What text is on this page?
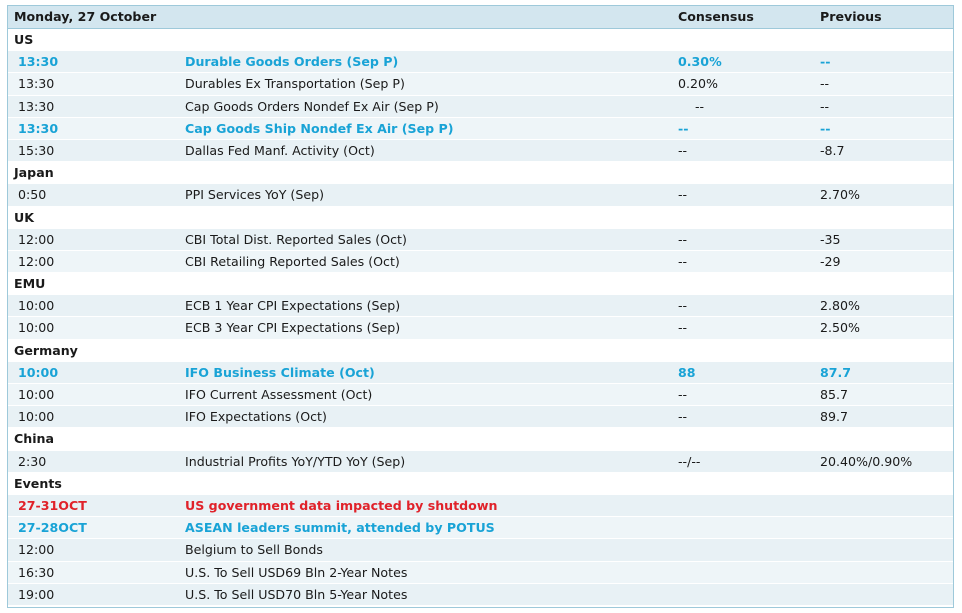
Monday, 27 October	Consensus	Previous
US
13:30	Durable Goods Orders (Sep P)	0.30%	--
13:30	Durables Ex Transportation (Sep P)	0.20%	--
13:30	Cap Goods Orders Nondef Ex Air (Sep P)	--	--
13:30	Cap Goods Ship Nondef Ex Air (Sep P)	--	--
15:30	Dallas Fed Manf. Activity (Oct)	--	-8.7
Japan
0:50	PPI Services YoY (Sep)	--	2.70%
UK
12:00	CBI Total Dist. Reported Sales (Oct)	--	-35
12:00	CBI Retailing Reported Sales (Oct)	--	-29
EMU
10:00	ECB 1 Year CPI Expectations (Sep)	--	2.80%
10:00	ECB 3 Year CPI Expectations (Sep)	--	2.50%
Germany
10:00	IFO Business Climate (Oct)	88	87.7
10:00	IFO Current Assessment (Oct)	--	85.7
10:00	IFO Expectations (Oct)	--	89.7
China
2:30	Industrial Profits YoY/YTD YoY (Sep)	--/--	20.40%/0.90%
Events
27-31OCT	US government data impacted by shutdown
27-28OCT	ASEAN leaders summit, attended by POTUS
12:00	Belgium to Sell Bonds
16:30	U.S. To Sell USD69 Bln 2-Year Notes
19:00	U.S. To Sell USD70 Bln 5-Year Notes
